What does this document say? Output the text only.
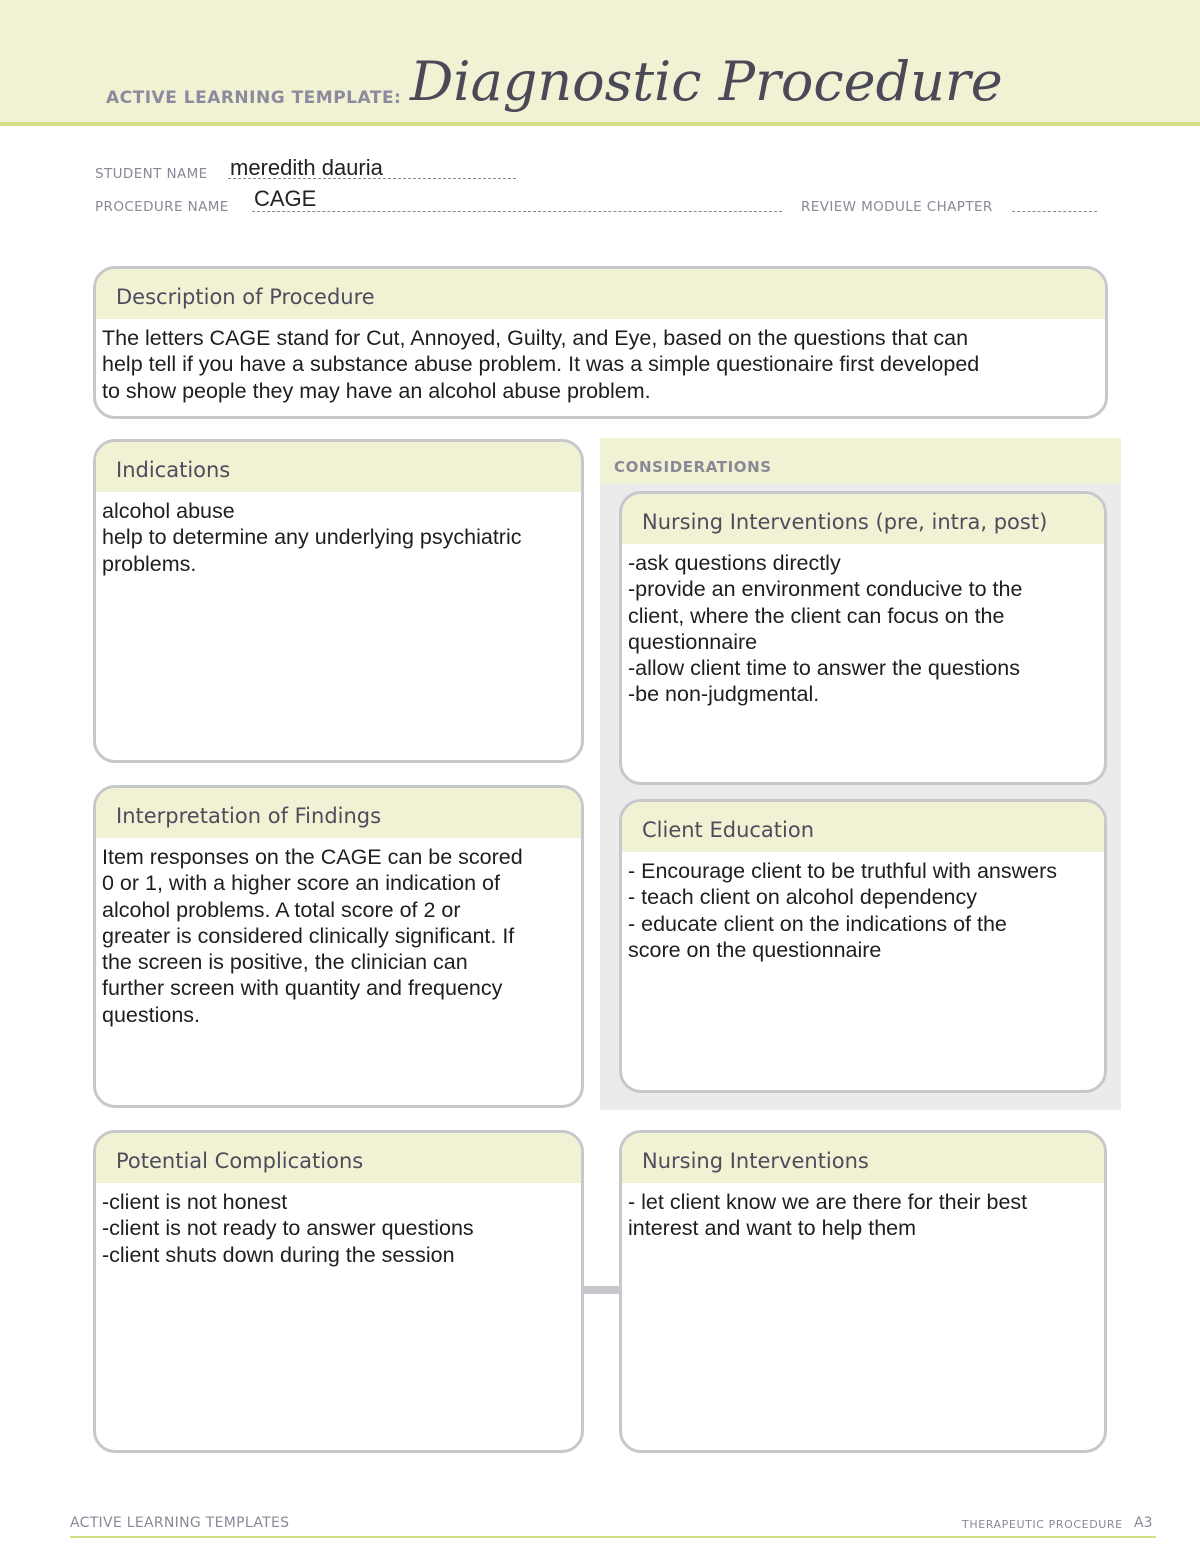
ACTIVE LEARNING TEMPLATE: Diagnostic Procedure
STUDENT NAME meredith dauria
PROCEDURE NAME CAGE	REVIEW MODULE CHAPTER
Description of Procedure
The letters CAGE stand for Cut, Annoyed, Guilty, and Eye, based on the questions that can
help tell if you have a substance abuse problem. It was a simple questionaire first developed
to show people they may have an alcohol abuse problem.
CONSIDERATIONS
Indications
alcohol abuse
help to determine any underlying psychiatric
problems.
Nursing Interventions (pre, intra, post)
-ask questions directly
-provide an environment conducive to the
client, where the client can focus on the
questionnaire
-allow client time to answer the questions
-be non-judgmental.
Interpretation of Findings
Item responses on the CAGE can be scored
0 or 1, with a higher score an indication of
alcohol problems. A total score of 2 or
greater is considered clinically significant. If
the screen is positive, the clinician can
further screen with quantity and frequency
questions.
Client Education
- Encourage client to be truthful with answers
- teach client on alcohol dependency
- educate client on the indications of the
score on the questionnaire
Potential Complications
-client is not honest
-client is not ready to answer questions
-client shuts down during the session
Nursing Interventions
- let client know we are there for their best
interest and want to help them
ACTIVE LEARNING TEMPLATES	THERAPEUTIC PROCEDURE A3
